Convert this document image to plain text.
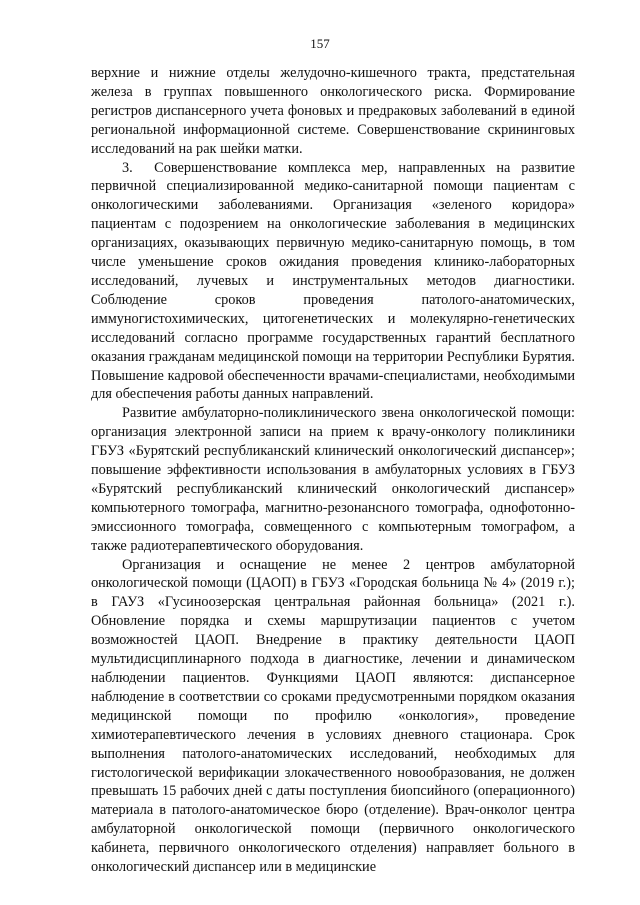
157

верхние и нижние отделы желудочно-кишечного тракта, предстательная железа в группах повышенного онкологического риска. Формирование регистров диспансерного учета фоновых и предраковых заболеваний в единой региональной информационной системе. Совершенствование скрининговых исследований на рак шейки матки.

3.  Совершенствование комплекса мер, направленных на развитие первичной специализированной медико-санитарной помощи пациентам с онкологическими заболеваниями. Организация «зеленого коридора» пациентам с подозрением на онкологические заболевания в медицинских организациях, оказывающих первичную медико-санитарную помощь, в том числе уменьшение сроков ожидания проведения клинико-лабораторных исследований, лучевых и инструментальных методов диагностики. Соблюдение сроков проведения патолого-анатомических, иммуногистохимических, цитогенетических и молекулярно-генетических исследований согласно программе государственных гарантий бесплатного оказания гражданам медицинской помощи на территории Республики Бурятия. Повышение кадровой обеспеченности врачами-специалистами, необходимыми для обеспечения работы данных направлений.

Развитие амбулаторно-поликлинического звена онкологической помощи: организация электронной записи на прием к врачу-онкологу поликлиники ГБУЗ «Бурятский республиканский клинический онкологический диспансер»; повышение эффективности использования в амбулаторных условиях в ГБУЗ «Бурятский республиканский клинический онкологический диспансер» компьютерного томографа, магнитно-резонансного томографа, однофотонно-эмиссионного томографа, совмещенного с компьютерным томографом, а также радиотерапевтического оборудования.

Организация и оснащение не менее 2 центров амбулаторной онкологической помощи (ЦАОП) в ГБУЗ «Городская больница № 4» (2019 г.); в ГАУЗ «Гусиноозерская центральная районная больница» (2021 г.). Обновление порядка и схемы маршрутизации пациентов с учетом возможностей ЦАОП. Внедрение в практику деятельности ЦАОП мультидисциплинарного подхода в диагностике, лечении и динамическом наблюдении пациентов. Функциями ЦАОП являются: диспансерное наблюдение в соответствии со сроками предусмотренными порядком оказания медицинской помощи по профилю «онкология», проведение химиотерапевтического лечения в условиях дневного стационара. Срок выполнения патолого-анатомических исследований, необходимых для гистологической верификации злокачественного новообразования, не должен превышать 15 рабочих дней с даты поступления биопсийного (операционного) материала в патолого-анатомическое бюро (отделение). Врач-онколог центра амбулаторной онкологической помощи (первичного онкологического кабинета, первичного онкологического отделения) направляет больного в онкологический диспансер или в медицинские
